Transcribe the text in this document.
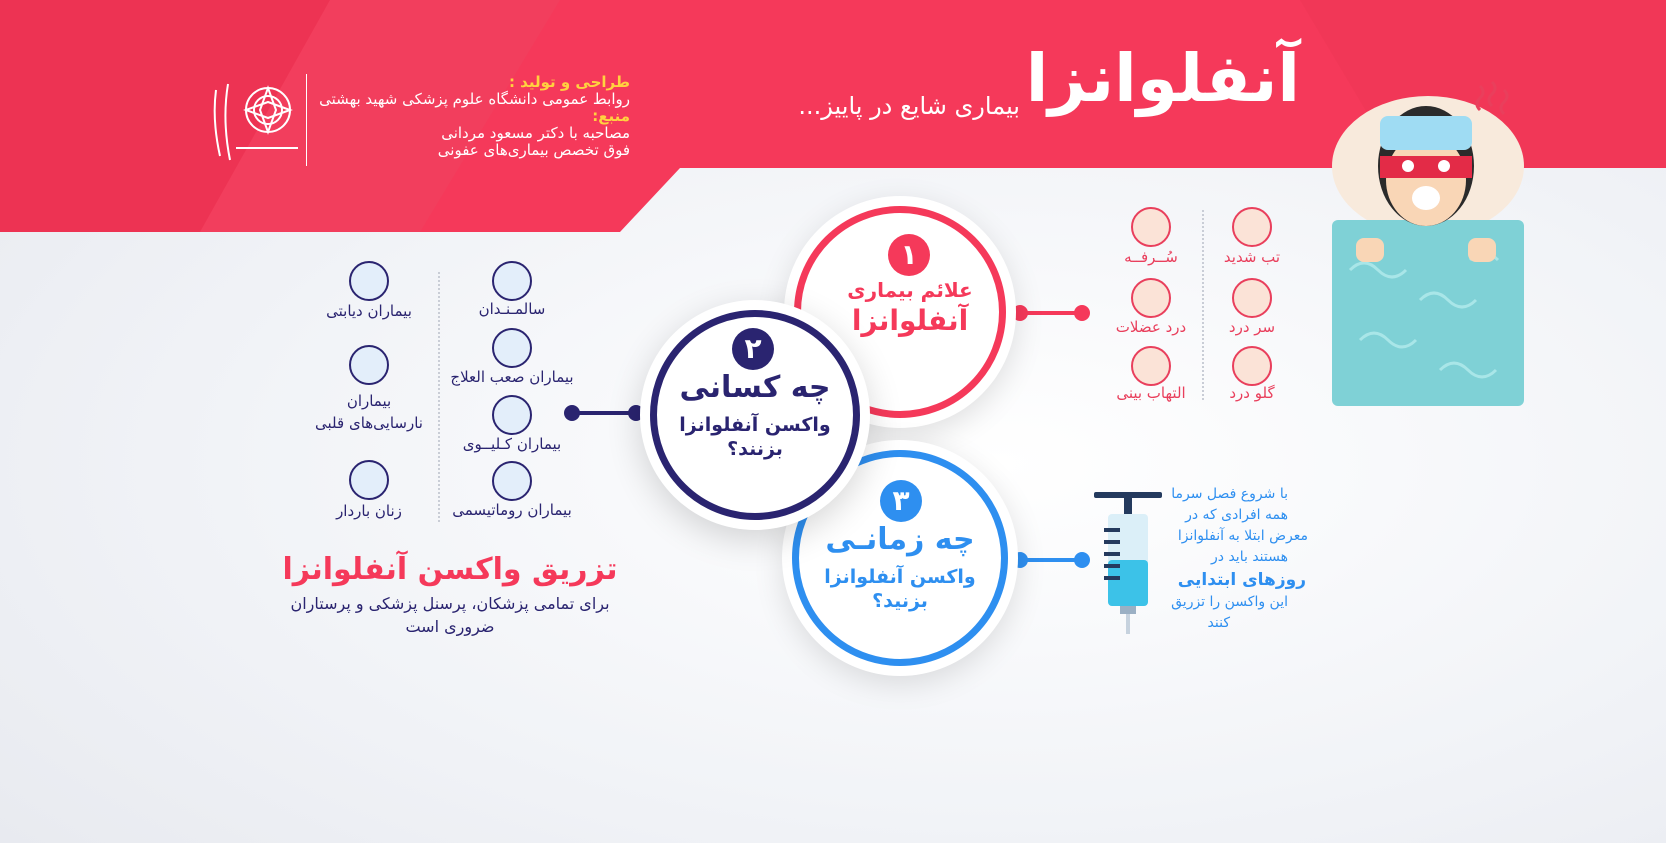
آنفلوانزا
بیماری شایع در پاییز...
طراحی و تولید :
روابط عمومی دانشگاه علوم پزشکی شهید بهشتی
منبع:
مصاحبه با دکتر مسعود مردانی
فوق تخصص بیماری‌های عفونی
تب شدید
سُــرفــه
سر درد
درد عضلات
گلو درد
التهاب بینی
۱
علائم بیماری
آنفلوانزا
۳
چه زمانـی
واکسن آنفلوانزا
بزنید؟
۲
چه کسانی
واکسن آنفلوانزا
بزنند؟
سالمـنـدان
بیماران دیابتی
بیماران صعب العلاج
بیماران نارسایی‌های قلبی
بیماران کـلیــوی
بیماران روماتیسمی
زنان باردار
تزریق واکسن آنفلوانزا
برای تمامی پزشکان، پرسنل پزشکی و پرستاران
ضروری است
با شروع فصل سرما
همه افرادی که در
معرض ابتلا به آنفلوانزا
هستند باید در
روزهای ابتدایی
این واکسن را تزریق
کنند
